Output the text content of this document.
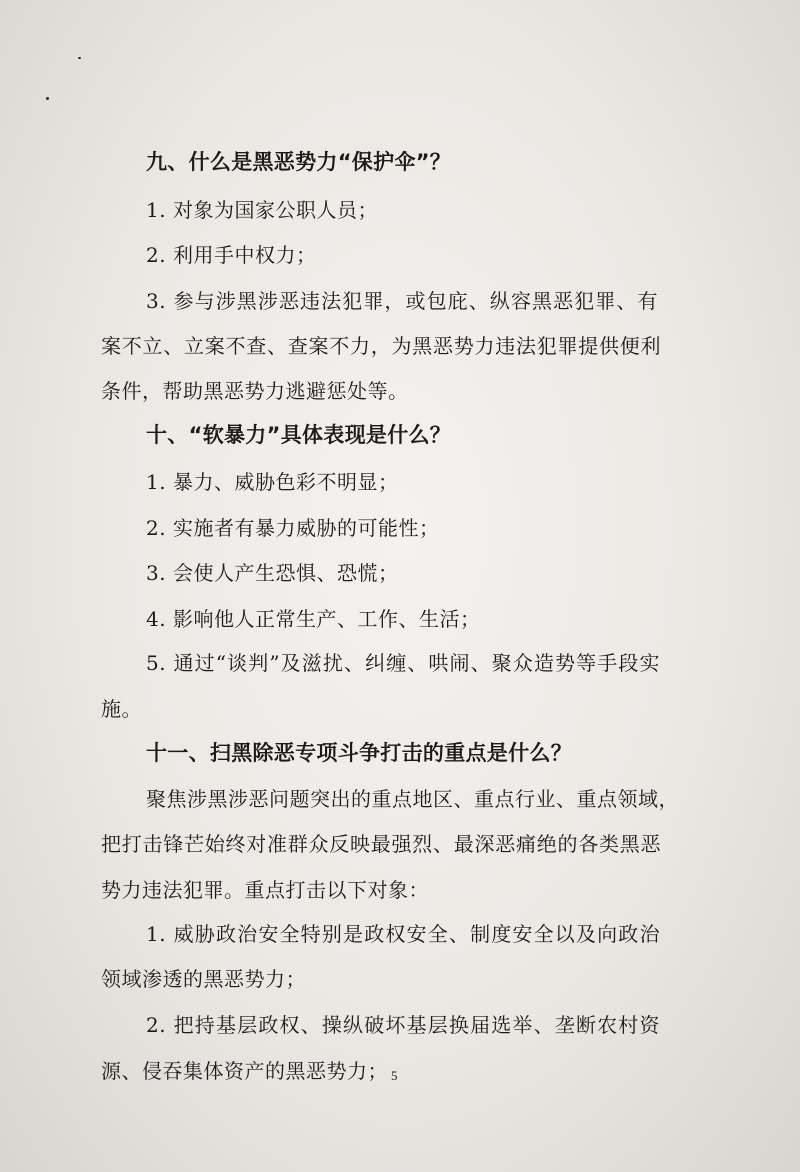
九、什么是黑恶势力“保护伞”？
1. 对象为国家公职人员；
2. 利用手中权力；
3. 参与涉黑涉恶违法犯罪，或包庇、纵容黑恶犯罪、有
案不立、立案不查、查案不力，为黑恶势力违法犯罪提供便利
条件，帮助黑恶势力逃避惩处等。
十、“软暴力”具体表现是什么？
1. 暴力、威胁色彩不明显；
2. 实施者有暴力威胁的可能性；
3. 会使人产生恐惧、恐慌；
4. 影响他人正常生产、工作、生活；
5. 通过“谈判”及滋扰、纠缠、哄闹、聚众造势等手段实
施。
十一、扫黑除恶专项斗争打击的重点是什么？
聚焦涉黑涉恶问题突出的重点地区、重点行业、重点领域，
把打击锋芒始终对准群众反映最强烈、最深恶痛绝的各类黑恶
势力违法犯罪。重点打击以下对象：
1. 威胁政治安全特别是政权安全、制度安全以及向政治
领域渗透的黑恶势力；
2. 把持基层政权、操纵破坏基层换届选举、垄断农村资
源、侵吞集体资产的黑恶势力； 5
